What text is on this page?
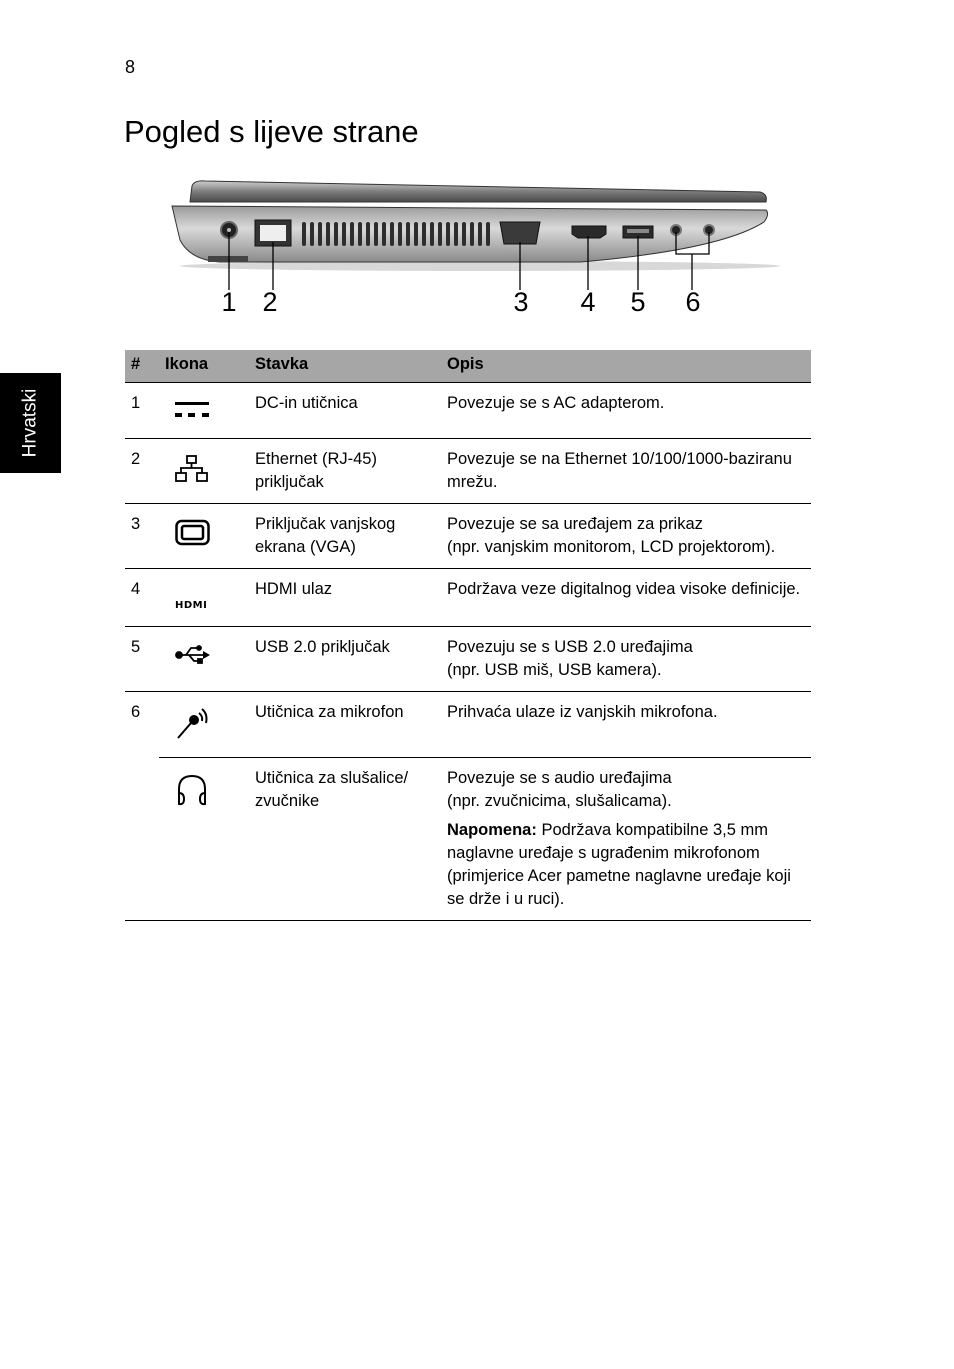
8
Pogled s lijeve strane
Hrvatski
1 2	3 4 5 6
#	Ikona	Stavka	Opis
1		DC-in utičnica	Povezuje se s AC adapterom.
2		Ethernet (RJ-45) priključak	Povezuje se na Ethernet 10/100/1000-baziranu mrežu.
3		Priključak vanjskog ekrana (VGA)	Povezuje se sa uređajem za prikaz
(npr. vanjskim monitorom, LCD projektorom).

4	HDMI	HDMI ulaz	Podržava veze digitalnog videa visoke definicije.
5		USB 2.0 priključak	Povezuju se s USB 2.0 uređajima
(npr. USB miš, USB kamera).

6		Utičnica za mikrofon	Prihvaća ulaze iz vanjskih mikrofona.
		Utičnica za slušalice/ zvučnike	Povezuje se s audio uređajima
(npr. zvučnicima, slušalicama).
Napomena: Podržava kompatibilne 3,5 mm naglavne uređaje s ugrađenim mikrofonom (primjerice Acer pametne naglavne uređaje koji se drže i u ruci).
